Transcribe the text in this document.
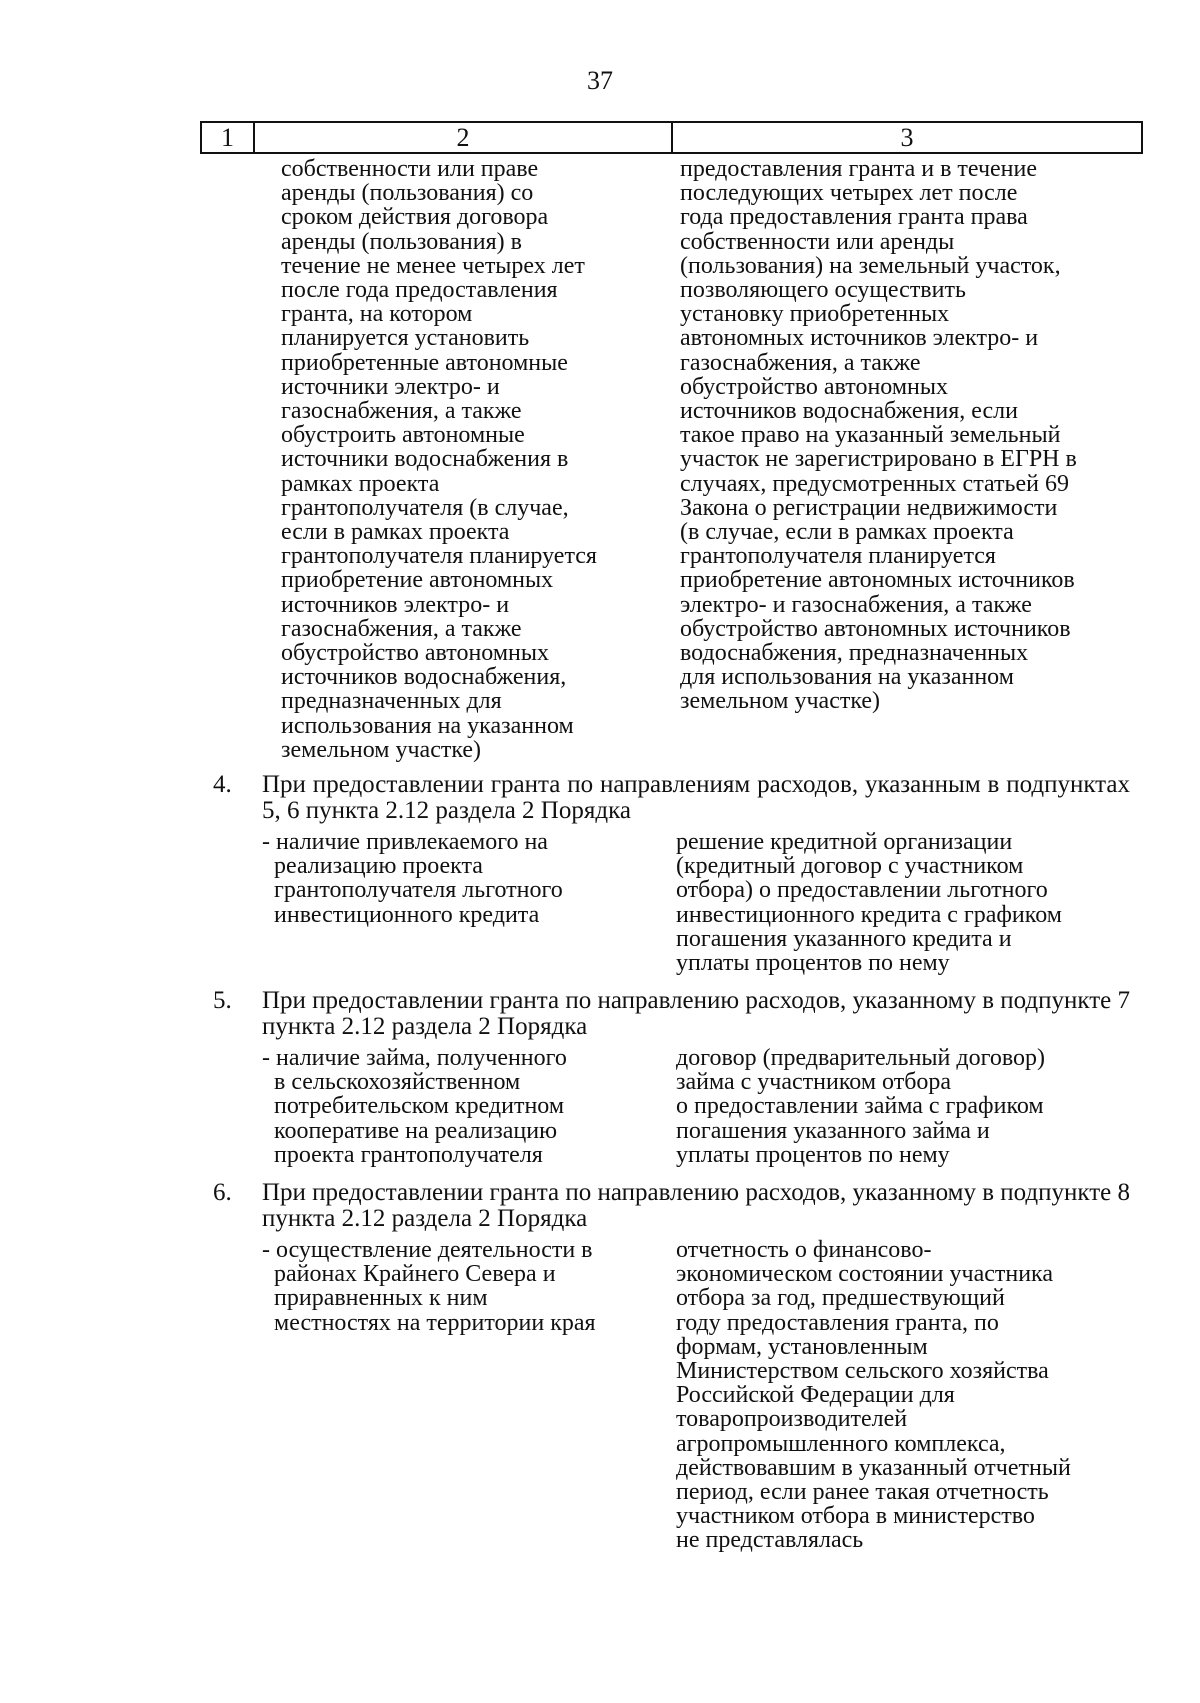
37
1	2	3
собственности или праве
аренды (пользования) со
сроком действия договора
аренды (пользования) в
течение не менее четырех лет
после года предоставления
гранта, на котором
планируется установить
приобретенные автономные
источники электро- и
газоснабжения, а также
обустроить автономные
источники водоснабжения в
рамках проекта
грантополучателя (в случае,
если в рамках проекта
грантополучателя планируется
приобретение автономных
источников электро- и
газоснабжения, а также
обустройство автономных
источников водоснабжения,
предназначенных для
использования на указанном
земельном участке)
предоставления гранта и в течение
последующих четырех лет после
года предоставления гранта права
собственности или аренды
(пользования) на земельный участок,
позволяющего осуществить
установку приобретенных
автономных источников электро- и
газоснабжения, а также
обустройство автономных
источников водоснабжения, если
такое право на указанный земельный
участок не зарегистрировано в ЕГРН в
случаях, предусмотренных статьей 69
Закона о регистрации недвижимости
(в случае, если в рамках проекта
грантополучателя планируется
приобретение автономных источников
электро- и газоснабжения, а также
обустройство автономных источников
водоснабжения, предназначенных
для использования на указанном
земельном участке)
4. При предоставлении гранта по направлениям расходов, указанным в подпунктах 5, 6 пункта 2.12 раздела 2 Порядка
- наличие привлекаемого на
реализацию проекта
грантополучателя льготного
инвестиционного кредита
решение кредитной организации
(кредитный договор с участником
отбора) о предоставлении льготного
инвестиционного кредита с графиком
погашения указанного кредита и
уплаты процентов по нему
5. При предоставлении гранта по направлению расходов, указанному в подпункте 7 пункта 2.12 раздела 2 Порядка
- наличие займа, полученного
в сельскохозяйственном
потребительском кредитном
кооперативе на реализацию
проекта грантополучателя
договор (предварительный договор)
займа с участником отбора
о предоставлении займа с графиком
погашения указанного займа и
уплаты процентов по нему
6. При предоставлении гранта по направлению расходов, указанному в подпункте 8 пункта 2.12 раздела 2 Порядка
- осуществление деятельности в
районах Крайнего Севера и
приравненных к ним
местностях на территории края
отчетность о финансово-
экономическом состоянии участника
отбора за год, предшествующий
году предоставления гранта, по
формам, установленным
Министерством сельского хозяйства
Российской Федерации для
товаропроизводителей
агропромышленного комплекса,
действовавшим в указанный отчетный
период, если ранее такая отчетность
участником отбора в министерство
не представлялась
